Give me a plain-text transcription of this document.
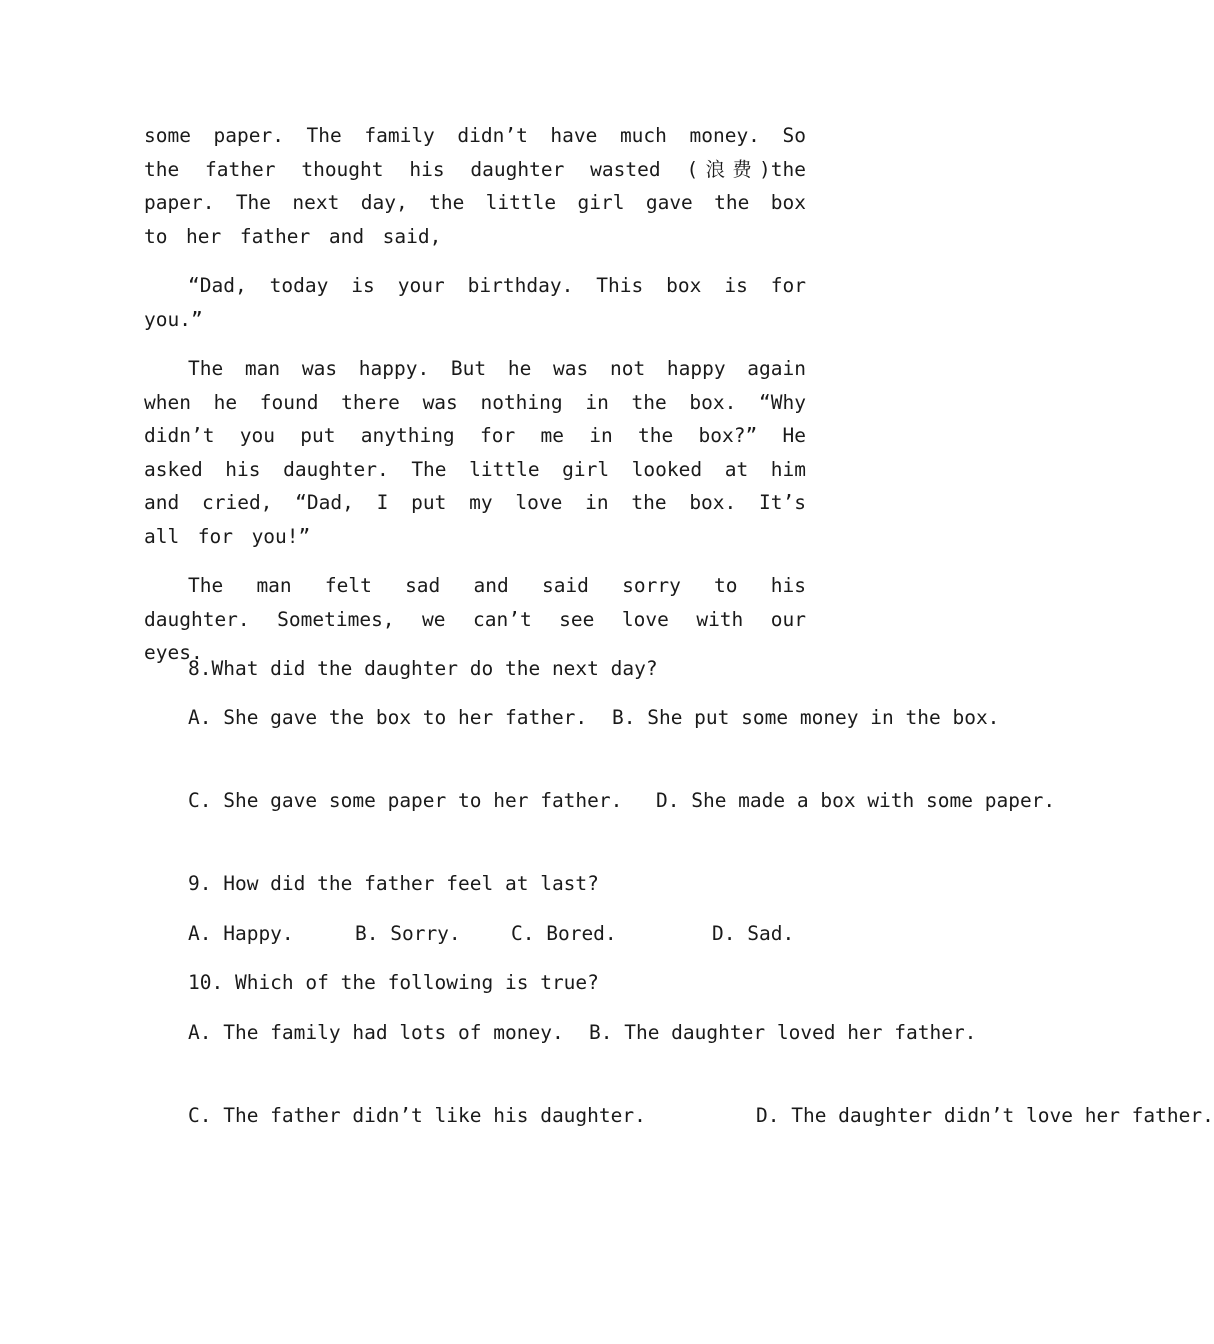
some paper. The family didn’t have much money. So the father thought his daughter wasted (浪费)the paper. The next day, the little girl gave the box to her father and said,

“Dad, today is your birthday. This box is for you.”

The man was happy. But he was not happy again when he found there was nothing in the box. “Why didn’t you put anything for me in the box?” He asked his daughter. The little girl looked at him and cried, “Dad, I put my love in the box. It’s all for you!”

The man felt sad and said sorry to his daughter. Sometimes, we can’t see love with our eyes.

8.What did the daughter do the next day?
A. She gave the box to her father. B. She put some money in the box.
C. She gave some paper to her father. D. She made a box with some paper.
9. How did the father feel at last?
A. Happy.	B. Sorry.	C. Bored.	D. Sad.
10. Which of the following is true?
A. The family had lots of money. B. The daughter loved her father.
C. The father didn’t like his daughter.	D. The daughter didn’t love her father.
